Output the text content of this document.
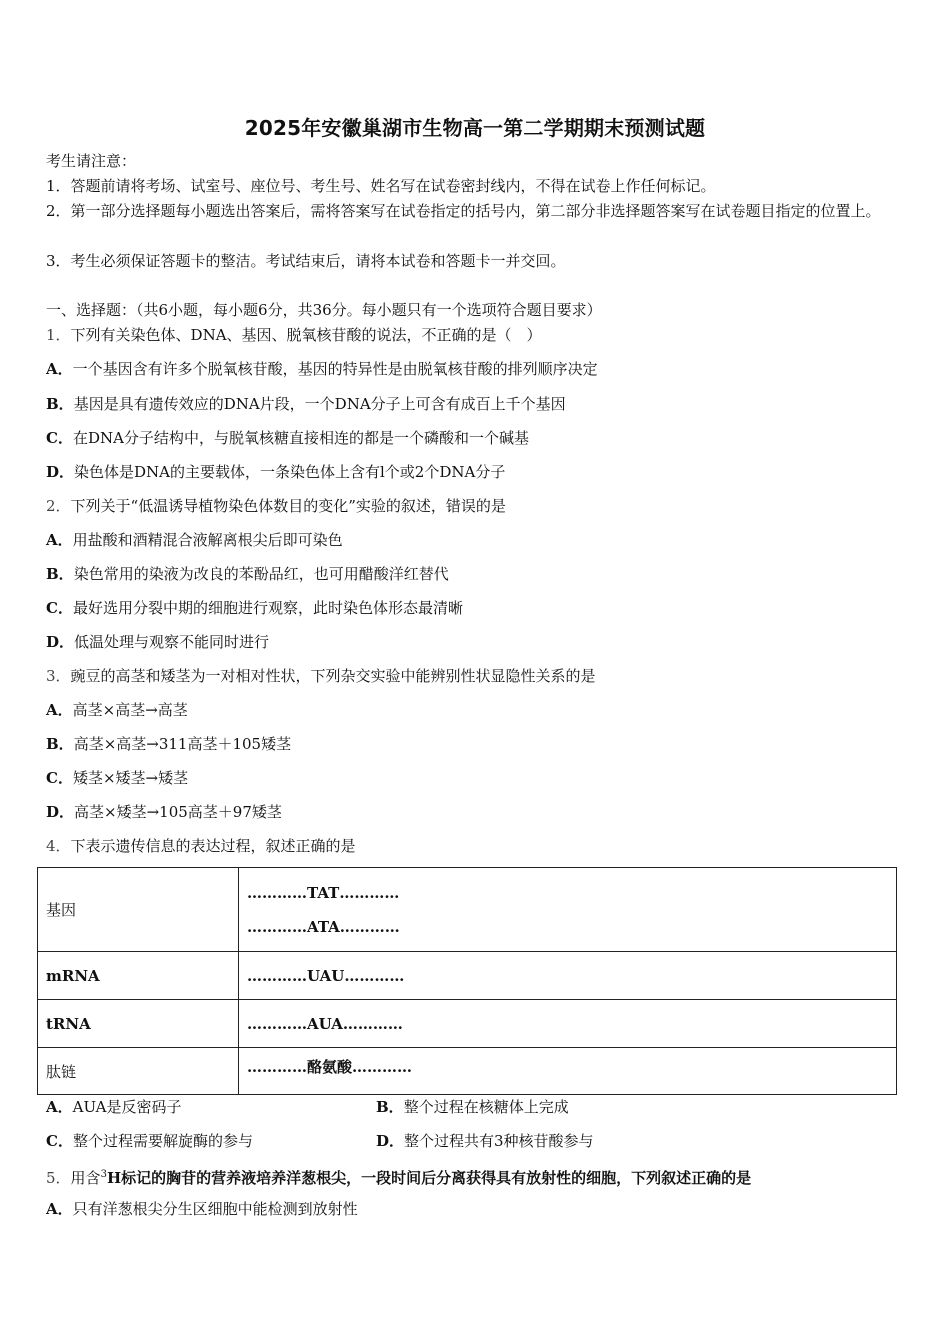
2025年安徽巢湖市生物高一第二学期期末预测试题
考生请注意：
1．答题前请将考场、试室号、座位号、考生号、姓名写在试卷密封线内，不得在试卷上作任何标记。
2．第一部分选择题每小题选出答案后，需将答案写在试卷指定的括号内，第二部分非选择题答案写在试卷题目指定的位置上。
3．考生必须保证答题卡的整洁。考试结束后，请将本试卷和答题卡一并交回。
一、选择题：（共6小题，每小题6分，共36分。每小题只有一个选项符合题目要求）
1．下列有关染色体、DNA、基因、脱氧核苷酸的说法，不正确的是（　）
A．一个基因含有许多个脱氧核苷酸，基因的特异性是由脱氧核苷酸的排列顺序决定
B．基因是具有遗传效应的DNA片段，一个DNA分子上可含有成百上千个基因
C．在DNA分子结构中，与脱氧核糖直接相连的都是一个磷酸和一个碱基
D．染色体是DNA的主要载体，一条染色体上含有l个或2个DNA分子
2．下列关于“低温诱导植物染色体数目的变化”实验的叙述，错误的是
A．用盐酸和酒精混合液解离根尖后即可染色
B．染色常用的染液为改良的苯酚品红，也可用醋酸洋红替代
C．最好选用分裂中期的细胞进行观察，此时染色体形态最清晰
D．低温处理与观察不能同时进行
3．豌豆的高茎和矮茎为一对相对性状，下列杂交实验中能辨别性状显隐性关系的是
A．高茎×高茎→高茎
B．高茎×高茎→311高茎＋105矮茎
C．矮茎×矮茎→矮茎
D．高茎×矮茎→105高茎＋97矮茎
4．下表示遗传信息的表达过程，叙述正确的是
基因	…………TAT…………
…………ATA…………

mRNA	…………UAU…………
tRNA	…………AUA…………
肽链	…………酪氨酸…………
A．AUA是反密码子	B．整个过程在核糖体上完成
C．整个过程需要解旋酶的参与	D．整个过程共有3种核苷酸参与
5．用含$^3$H标记的胸苷的营养液培养洋葱根尖，一段时间后分离获得具有放射性的细胞，下列叙述正确的是
A．只有洋葱根尖分生区细胞中能检测到放射性
